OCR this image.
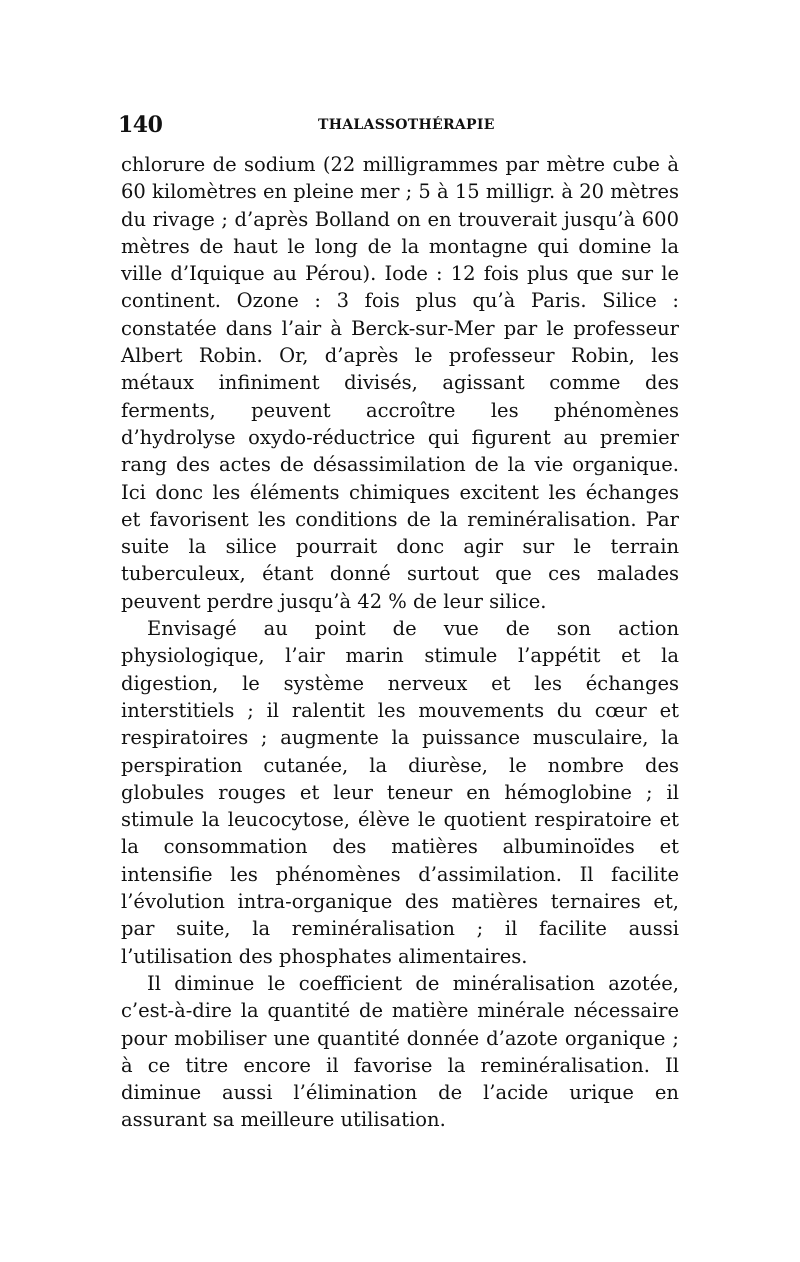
140	THALASSOTHÉRAPIE

chlorure de sodium (22 milligrammes par mètre cube à 60 kilomètres en pleine mer ; 5 à 15 milligr. à 20 mètres du rivage ; d’après Bolland on en trouverait jusqu’à 600 mètres de haut le long de la montagne qui domine la ville d’Iquique au Pérou). Iode : 12 fois plus que sur le continent. Ozone : 3 fois plus qu’à Paris. Silice : constatée dans l’air à Berck-sur-Mer par le professeur Albert Robin. Or, d’après le professeur Robin, les métaux infiniment divisés, agissant comme des ferments, peuvent accroître les phénomènes d’hydrolyse oxydo-réductrice qui figurent au premier rang des actes de désassimilation de la vie organique. Ici donc les éléments chimiques excitent les échanges et favorisent les conditions de la reminéralisation. Par suite la silice pourrait donc agir sur le terrain tuberculeux, étant donné surtout que ces malades peuvent perdre jusqu’à 42 % de leur silice.

Envisagé au point de vue de son action physiologique, l’air marin stimule l’appétit et la digestion, le système nerveux et les échanges interstitiels ; il ralentit les mouvements du cœur et respiratoires ; augmente la puissance musculaire, la perspiration cutanée, la diurèse, le nombre des globules rouges et leur teneur en hémoglobine ; il stimule la leucocytose, élève le quotient respiratoire et la consommation des matières albuminoïdes et intensifie les phénomènes d’assimilation. Il facilite l’évolution intra-organique des matières ternaires et, par suite, la reminéralisation ; il facilite aussi l’utilisation des phosphates alimentaires.

Il diminue le coefficient de minéralisation azotée, c’est-à-dire la quantité de matière minérale nécessaire pour mobiliser une quantité donnée d’azote organique ; à ce titre encore il favorise la reminéralisation. Il diminue aussi l’élimination de l’acide urique en assurant sa meilleure utilisation.
